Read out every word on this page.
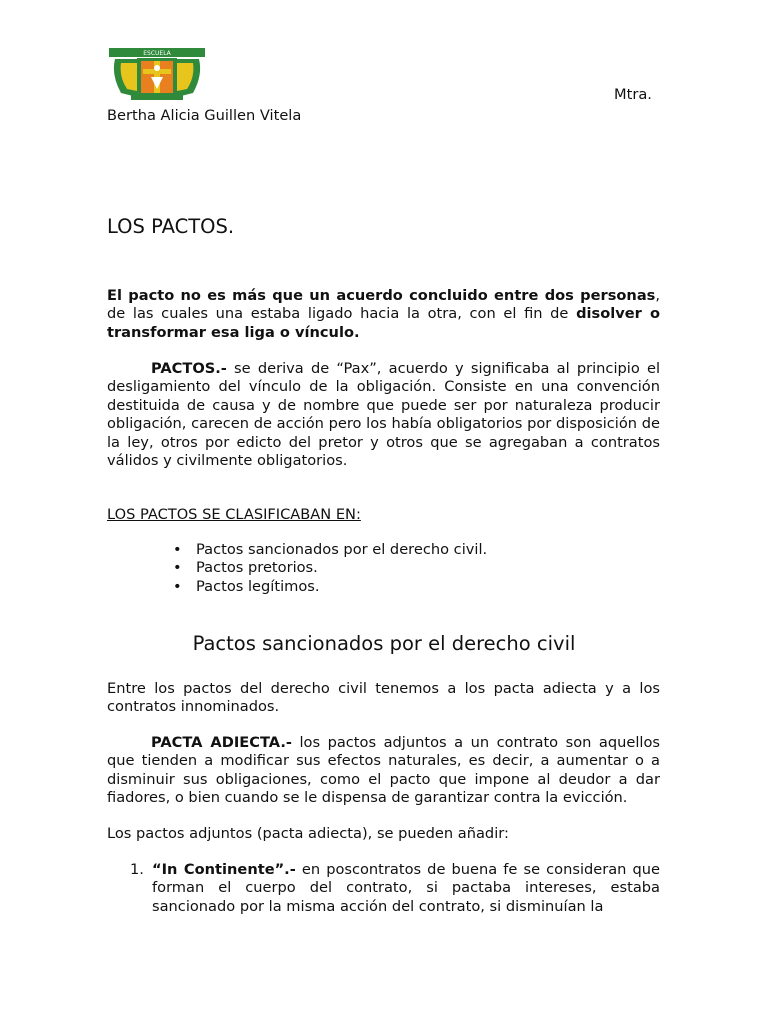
ESCUELA
Mtra.
Bertha Alicia Guillen Vitela
LOS PACTOS.
El pacto no es más que un acuerdo concluido entre dos personas, de las cuales una estaba ligado hacia la otra, con el fin de disolver o transformar esa liga o vínculo.
PACTOS.- se deriva de “Pax”, acuerdo y significaba al principio el desligamiento del vínculo de la obligación. Consiste en una convención destituida de causa y de nombre que puede ser por naturaleza producir obligación, carecen de acción pero los había obligatorios por disposición de la ley, otros por edicto del pretor y otros que se agregaban a contratos válidos y civilmente obligatorios.
LOS PACTOS SE CLASIFICABAN EN:
• Pactos sancionados por el derecho civil.
• Pactos pretorios.
• Pactos legítimos.
Pactos sancionados por el derecho civil
Entre los pactos del derecho civil tenemos a los pacta adiecta y a los contratos innominados.
PACTA ADIECTA.- los pactos adjuntos a un contrato son aquellos que tienden a modificar sus efectos naturales, es decir, a aumentar o a disminuir sus obligaciones, como el pacto que impone al deudor a dar fiadores, o bien cuando se le dispensa de garantizar contra la evicción.
Los pactos adjuntos (pacta adiecta), se pueden añadir:
1. “In Continente”.- en poscontratos de buena fe se consideran que forman el cuerpo del contrato, si pactaba intereses, estaba sancionado por la misma acción del contrato, si disminuían la
